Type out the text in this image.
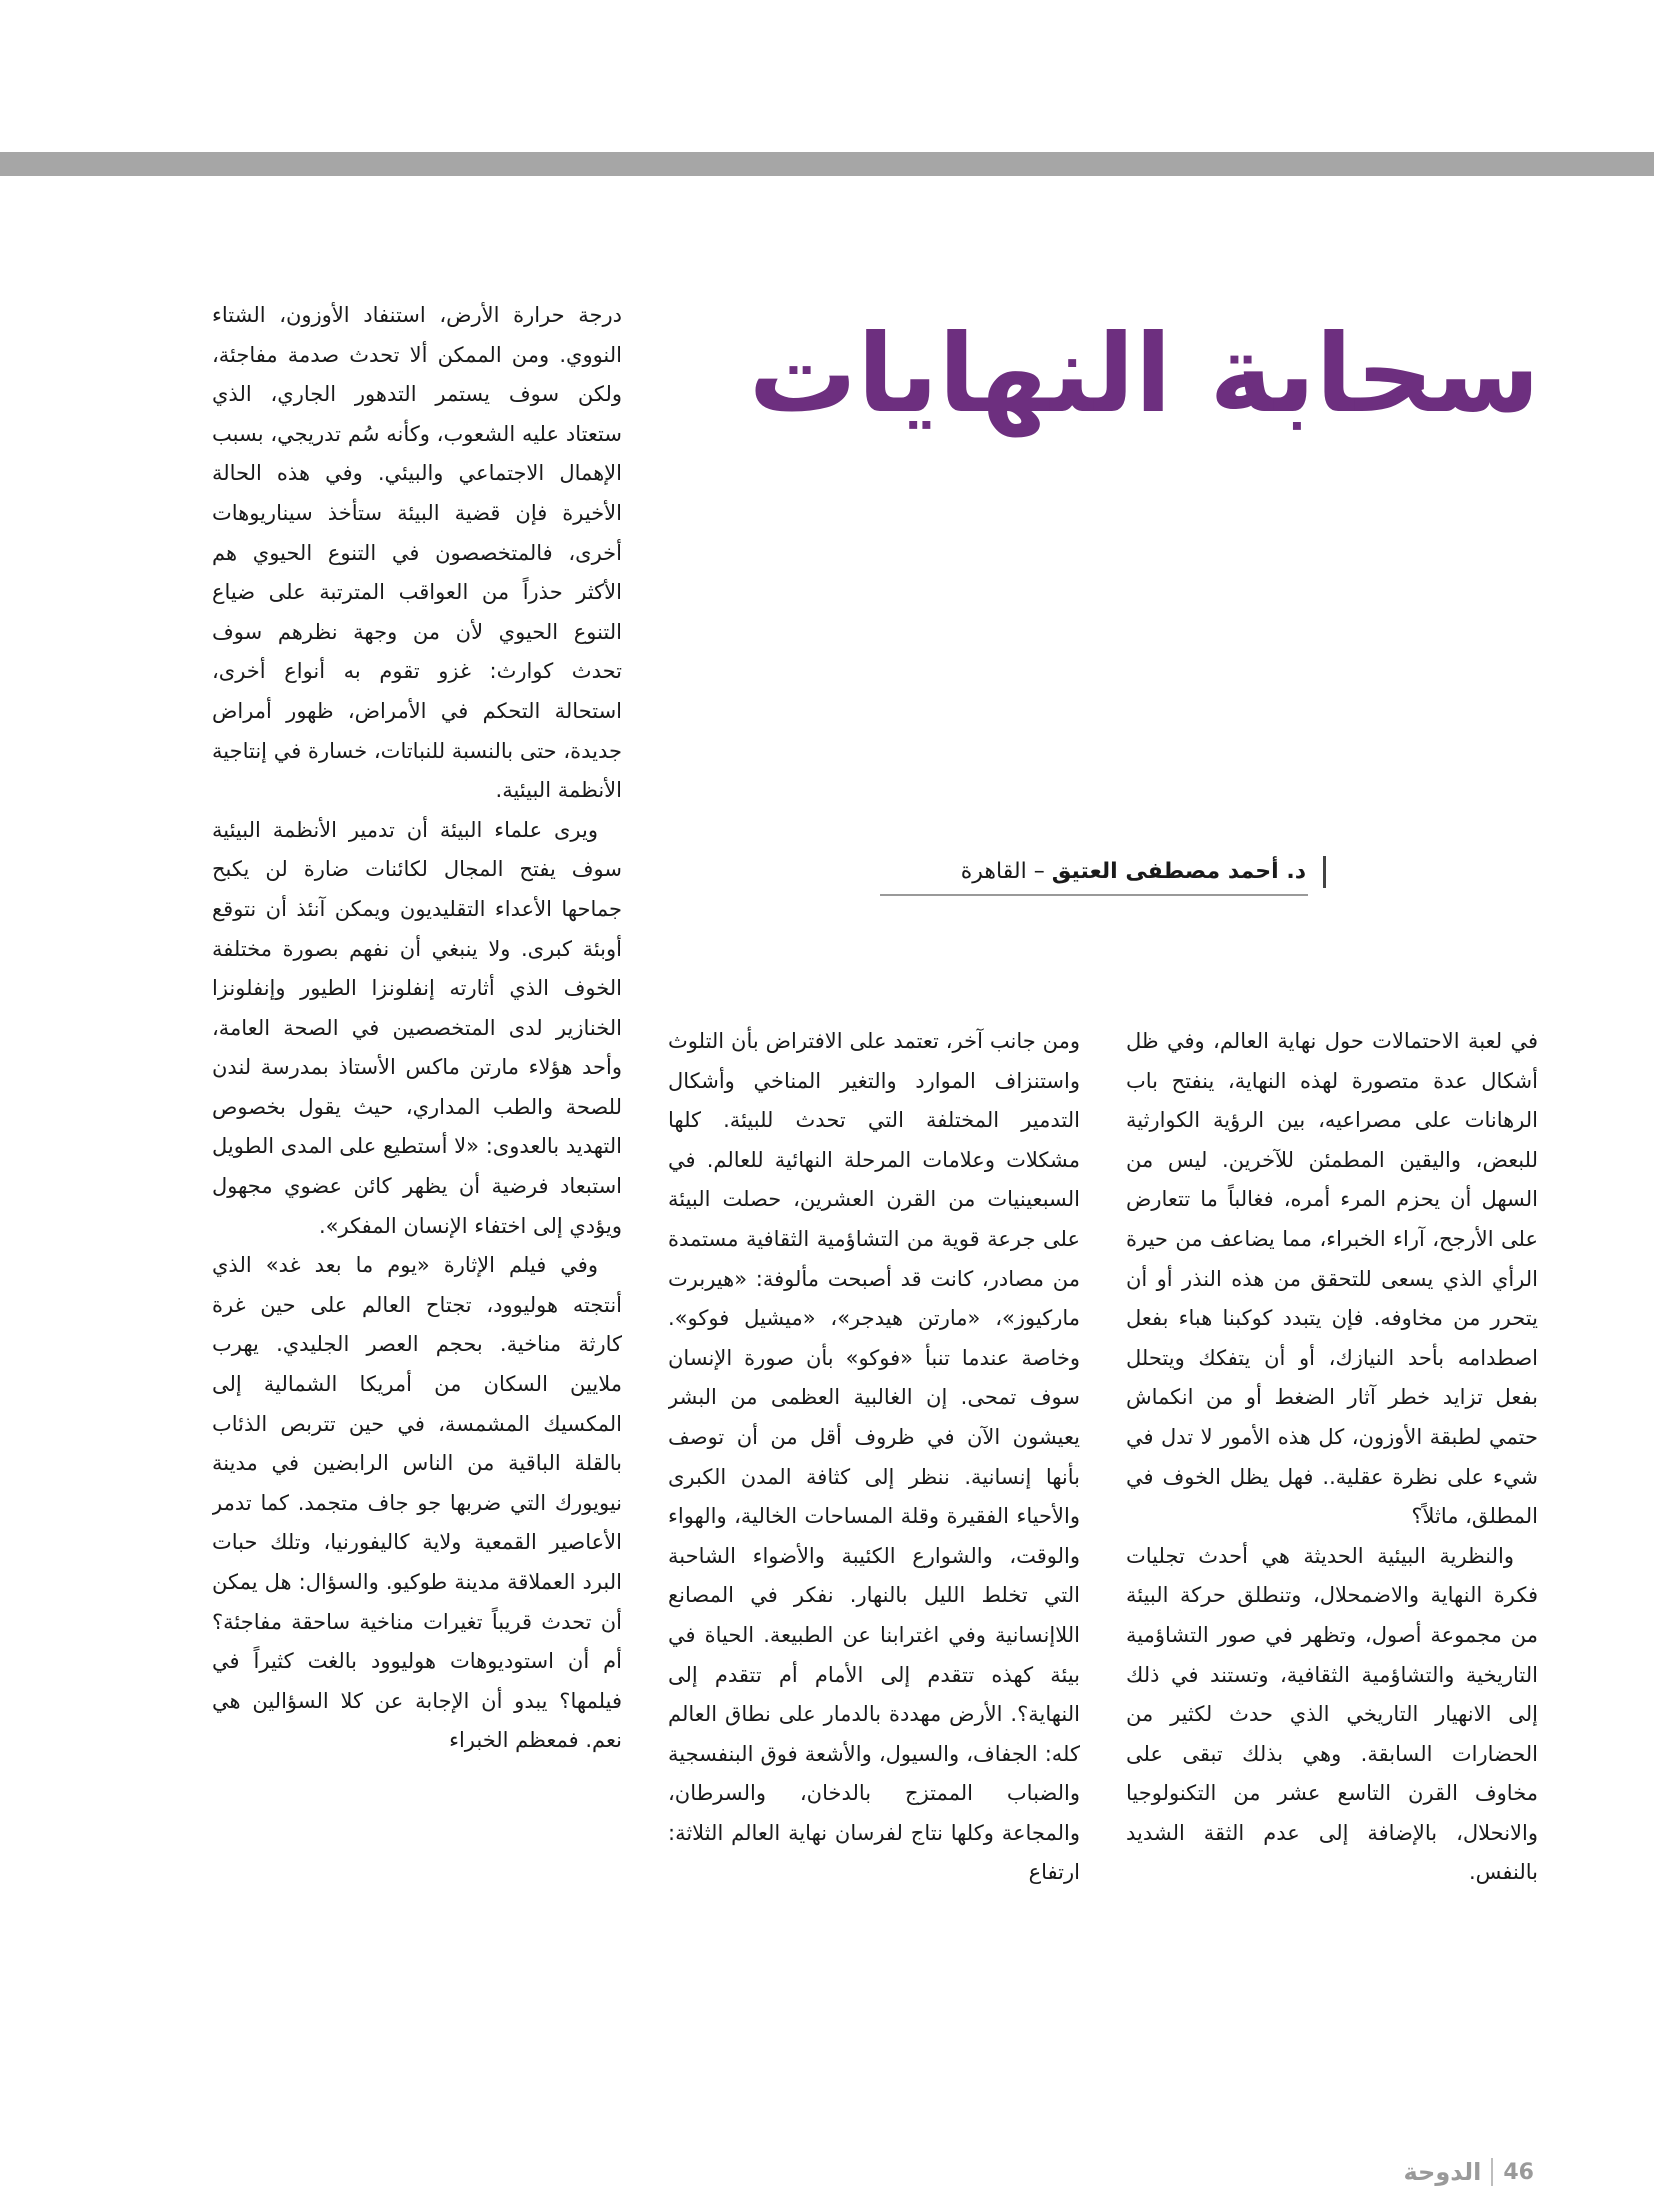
سحابة النهايات
د. أحمد مصطفى العتيق – القاهرة

في لعبة الاحتمالات حول نهاية العالم، وفي ظل أشكال عدة متصورة لهذه النهاية، ينفتح باب الرهانات على مصراعيه، بين الرؤية الكوارثية للبعض، واليقين المطمئن للآخرين. ليس من السهل أن يحزم المرء أمره، فغالباً ما تتعارض على الأرجح، آراء الخبراء، مما يضاعف من حيرة الرأي الذي يسعى للتحقق من هذه النذر أو أن يتحرر من مخاوفه. فإن يتبدد كوكبنا هباء بفعل اصطدامه بأحد النيازك، أو أن يتفكك ويتحلل بفعل تزايد خطر آثار الضغط أو من انكماش حتمي لطبقة الأوزون، كل هذه الأمور لا تدل في شيء على نظرة عقلية.. فهل يظل الخوف في المطلق، ماثلاً؟

والنظرية البيئية الحديثة هي أحدث تجليات فكرة النهاية والاضمحلال، وتنطلق حركة البيئة من مجموعة أصول، وتظهر في صور التشاؤمية التاريخية والتشاؤمية الثقافية، وتستند في ذلك إلى الانهيار التاريخي الذي حدث لكثير من الحضارات السابقة. وهي بذلك تبقى على مخاوف القرن التاسع عشر من التكنولوجيا والانحلال، بالإضافة إلى عدم الثقة الشديد بالنفس.

ومن جانب آخر، تعتمد على الافتراض بأن التلوث واستنزاف الموارد والتغير المناخي وأشكال التدمير المختلفة التي تحدث للبيئة. كلها مشكلات وعلامات المرحلة النهائية للعالم. في السبعينيات من القرن العشرين، حصلت البيئة على جرعة قوية من التشاؤمية الثقافية مستمدة من مصادر، كانت قد أصبحت مألوفة: «هيربرت ماركيوز»، «مارتن هيدجر»، «ميشيل فوكو». وخاصة عندما تنبأ «فوكو» بأن صورة الإنسان سوف تمحى. إن الغالبية العظمى من البشر يعيشون الآن في ظروف أقل من أن توصف بأنها إنسانية. ننظر إلى كثافة المدن الكبرى والأحياء الفقيرة وقلة المساحات الخالية، والهواء والوقت، والشوارع الكئيبة والأضواء الشاحبة التي تخلط الليل بالنهار. نفكر في المصانع اللاإنسانية وفي اغترابنا عن الطبيعة. الحياة في بيئة كهذه تتقدم إلى الأمام أم تتقدم إلى النهاية؟. الأرض مهددة بالدمار على نطاق العالم كله: الجفاف، والسيول، والأشعة فوق البنفسجية والضباب الممتزج بالدخان، والسرطان، والمجاعة وكلها نتاج لفرسان نهاية العالم الثلاثة: ارتفاع

درجة حرارة الأرض، استنفاد الأوزون، الشتاء النووي. ومن الممكن ألا تحدث صدمة مفاجئة، ولكن سوف يستمر التدهور الجاري، الذي ستعتاد عليه الشعوب، وكأنه سُم تدريجي، بسبب الإهمال الاجتماعي والبيئي. وفي هذه الحالة الأخيرة فإن قضية البيئة ستأخذ سيناريوهات أخرى، فالمتخصصون في التنوع الحيوي هم الأكثر حذراً من العواقب المترتبة على ضياع التنوع الحيوي لأن من وجهة نظرهم سوف تحدث كوارث: غزو تقوم به أنواع أخرى، استحالة التحكم في الأمراض، ظهور أمراض جديدة، حتى بالنسبة للنباتات، خسارة في إنتاجية الأنظمة البيئية.

ويرى علماء البيئة أن تدمير الأنظمة البيئية سوف يفتح المجال لكائنات ضارة لن يكبح جماحها الأعداء التقليديون ويمكن آنئذ أن نتوقع أوبئة كبرى. ولا ينبغي أن نفهم بصورة مختلفة الخوف الذي أثارته إنفلونزا الطيور وإنفلونزا الخنازير لدى المتخصصين في الصحة العامة، وأحد هؤلاء مارتن ماكس الأستاذ بمدرسة لندن للصحة والطب المداري، حيث يقول بخصوص التهديد بالعدوى: «لا أستطيع على المدى الطويل استبعاد فرضية أن يظهر كائن عضوي مجهول ويؤدي إلى اختفاء الإنسان المفكر».

وفي فيلم الإثارة «يوم ما بعد غد» الذي أنتجته هوليوود، تجتاح العالم على حين غرة كارثة مناخية. بحجم العصر الجليدي. يهرب ملايين السكان من أمريكا الشمالية إلى المكسيك المشمسة، في حين تتربص الذئاب بالقلة الباقية من الناس الرابضين في مدينة نيويورك التي ضربها جو جاف متجمد. كما تدمر الأعاصير القمعية ولاية كاليفورنيا، وتلك حبات البرد العملاقة مدينة طوكيو. والسؤال: هل يمكن أن تحدث قريباً تغيرات مناخية ساحقة مفاجئة؟ أم أن استوديوهات هوليوود بالغت كثيراً في فيلمها؟ يبدو أن الإجابة عن كلا السؤالين هي نعم. فمعظم الخبراء

46
الدوحة
